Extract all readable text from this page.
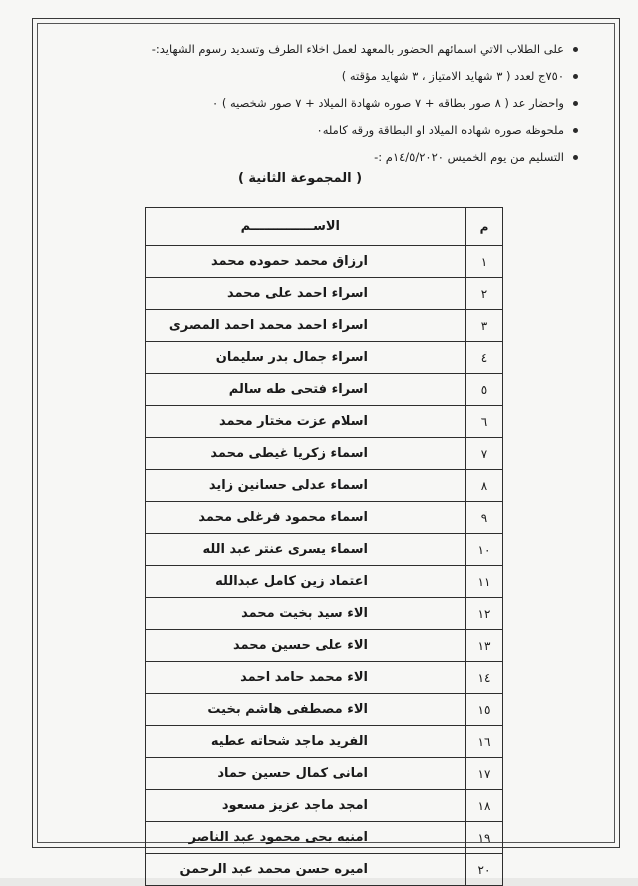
على الطلاب الاتي اسمائهم الحضور بالمعهد لعمل اخلاء الطرف وتسديد رسوم الشهايد:-
٧٥٠ج لعدد ( ٣ شهايد الامتياز ، ٣ شهايد مؤقته )
واحضار عد ( ٨ صور بطاقه + ٧ صوره شهادة الميلاد + ٧ صور شخصيه ) ٠
ملحوظه صوره شهاده الميلاد او البطاقة ورقه كامله٠
التسليم من يوم الخميس ١٤/٥/٢٠٢٠م :-
( المجموعة الثانية )
م	الاســــــــــــــم
١	ارزاق محمد حموده محمد
٢	اسراء احمد على محمد
٣	اسراء احمد محمد احمد المصرى
٤	اسراء جمال بدر سليمان
٥	اسراء فتحى طه سالم
٦	اسلام عزت مختار محمد
٧	اسماء زكريا غيطى محمد
٨	اسماء عدلى حسانين زايد
٩	اسماء محمود فرغلى محمد
١٠	اسماء يسرى عنتر عبد الله
١١	اعتماد زين كامل عبدالله
١٢	الاء سيد بخيت محمد
١٣	الاء على حسين محمد
١٤	الاء محمد حامد احمد
١٥	الاء مصطفى هاشم بخيت
١٦	الفريد ماجد شحاته عطيه
١٧	امانى كمال حسين حماد
١٨	امجد ماجد عزيز مسعود
١٩	امنيه يحى محمود عبد الناصر
٢٠	اميره حسن محمد عبد الرحمن
